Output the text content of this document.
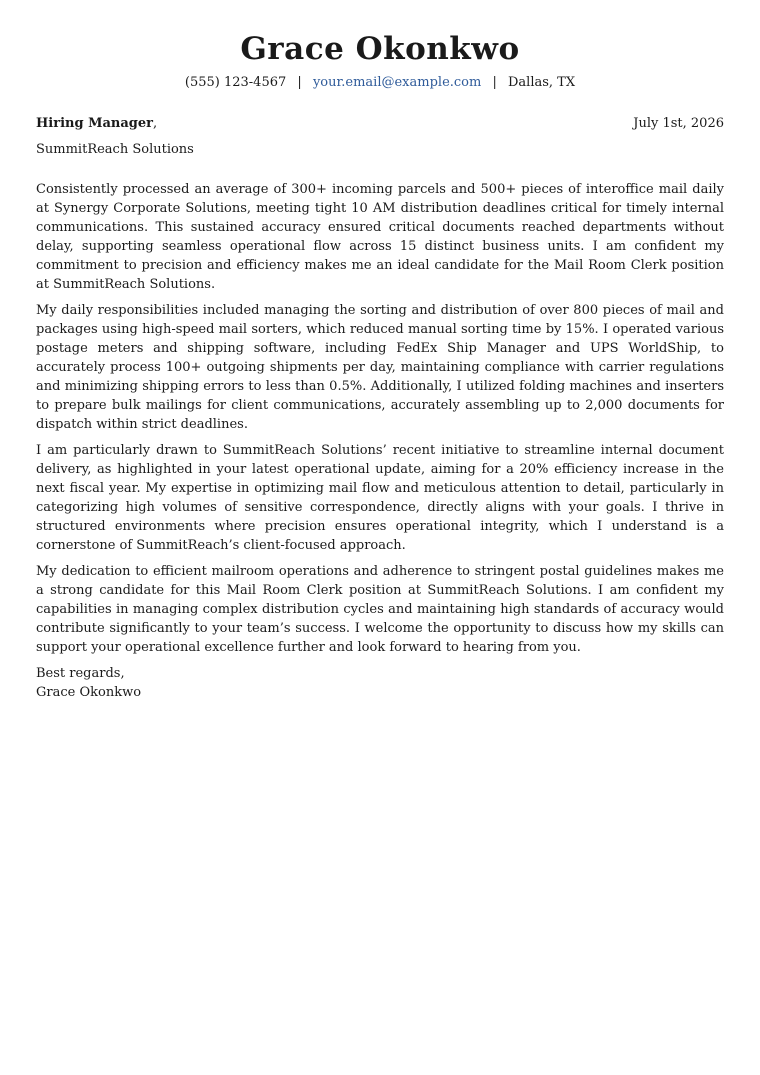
Grace Okonkwo
(555) 123-4567 | your.email@example.com | Dallas, TX
Hiring Manager,	July 1st, 2026
SummitReach Solutions

Consistently processed an average of 300+ incoming parcels and 500+ pieces of interoffice mail daily at Synergy Corporate Solutions, meeting tight 10 AM distribution deadlines critical for timely internal communications. This sustained accuracy ensured critical documents reached departments without delay, supporting seamless operational flow across 15 distinct business units. I am confident my commitment to precision and efficiency makes me an ideal candidate for the Mail Room Clerk position at SummitReach Solutions.

My daily responsibilities included managing the sorting and distribution of over 800 pieces of mail and packages using high-speed mail sorters, which reduced manual sorting time by 15%. I operated various postage meters and shipping software, including FedEx Ship Manager and UPS WorldShip, to accurately process 100+ outgoing shipments per day, maintaining compliance with carrier regulations and minimizing shipping errors to less than 0.5%. Additionally, I utilized folding machines and inserters to prepare bulk mailings for client communications, accurately assembling up to 2,000 documents for dispatch within strict deadlines.

I am particularly drawn to SummitReach Solutions’ recent initiative to streamline internal document delivery, as highlighted in your latest operational update, aiming for a 20% efficiency increase in the next fiscal year. My expertise in optimizing mail flow and meticulous attention to detail, particularly in categorizing high volumes of sensitive correspondence, directly aligns with your goals. I thrive in structured environments where precision ensures operational integrity, which I understand is a cornerstone of SummitReach’s client-focused approach.

My dedication to efficient mailroom operations and adherence to stringent postal guidelines makes me a strong candidate for this Mail Room Clerk position at SummitReach Solutions. I am confident my capabilities in managing complex distribution cycles and maintaining high standards of accuracy would contribute significantly to your team’s success. I welcome the opportunity to discuss how my skills can support your operational excellence further and look forward to hearing from you.

Best regards,
Grace Okonkwo
